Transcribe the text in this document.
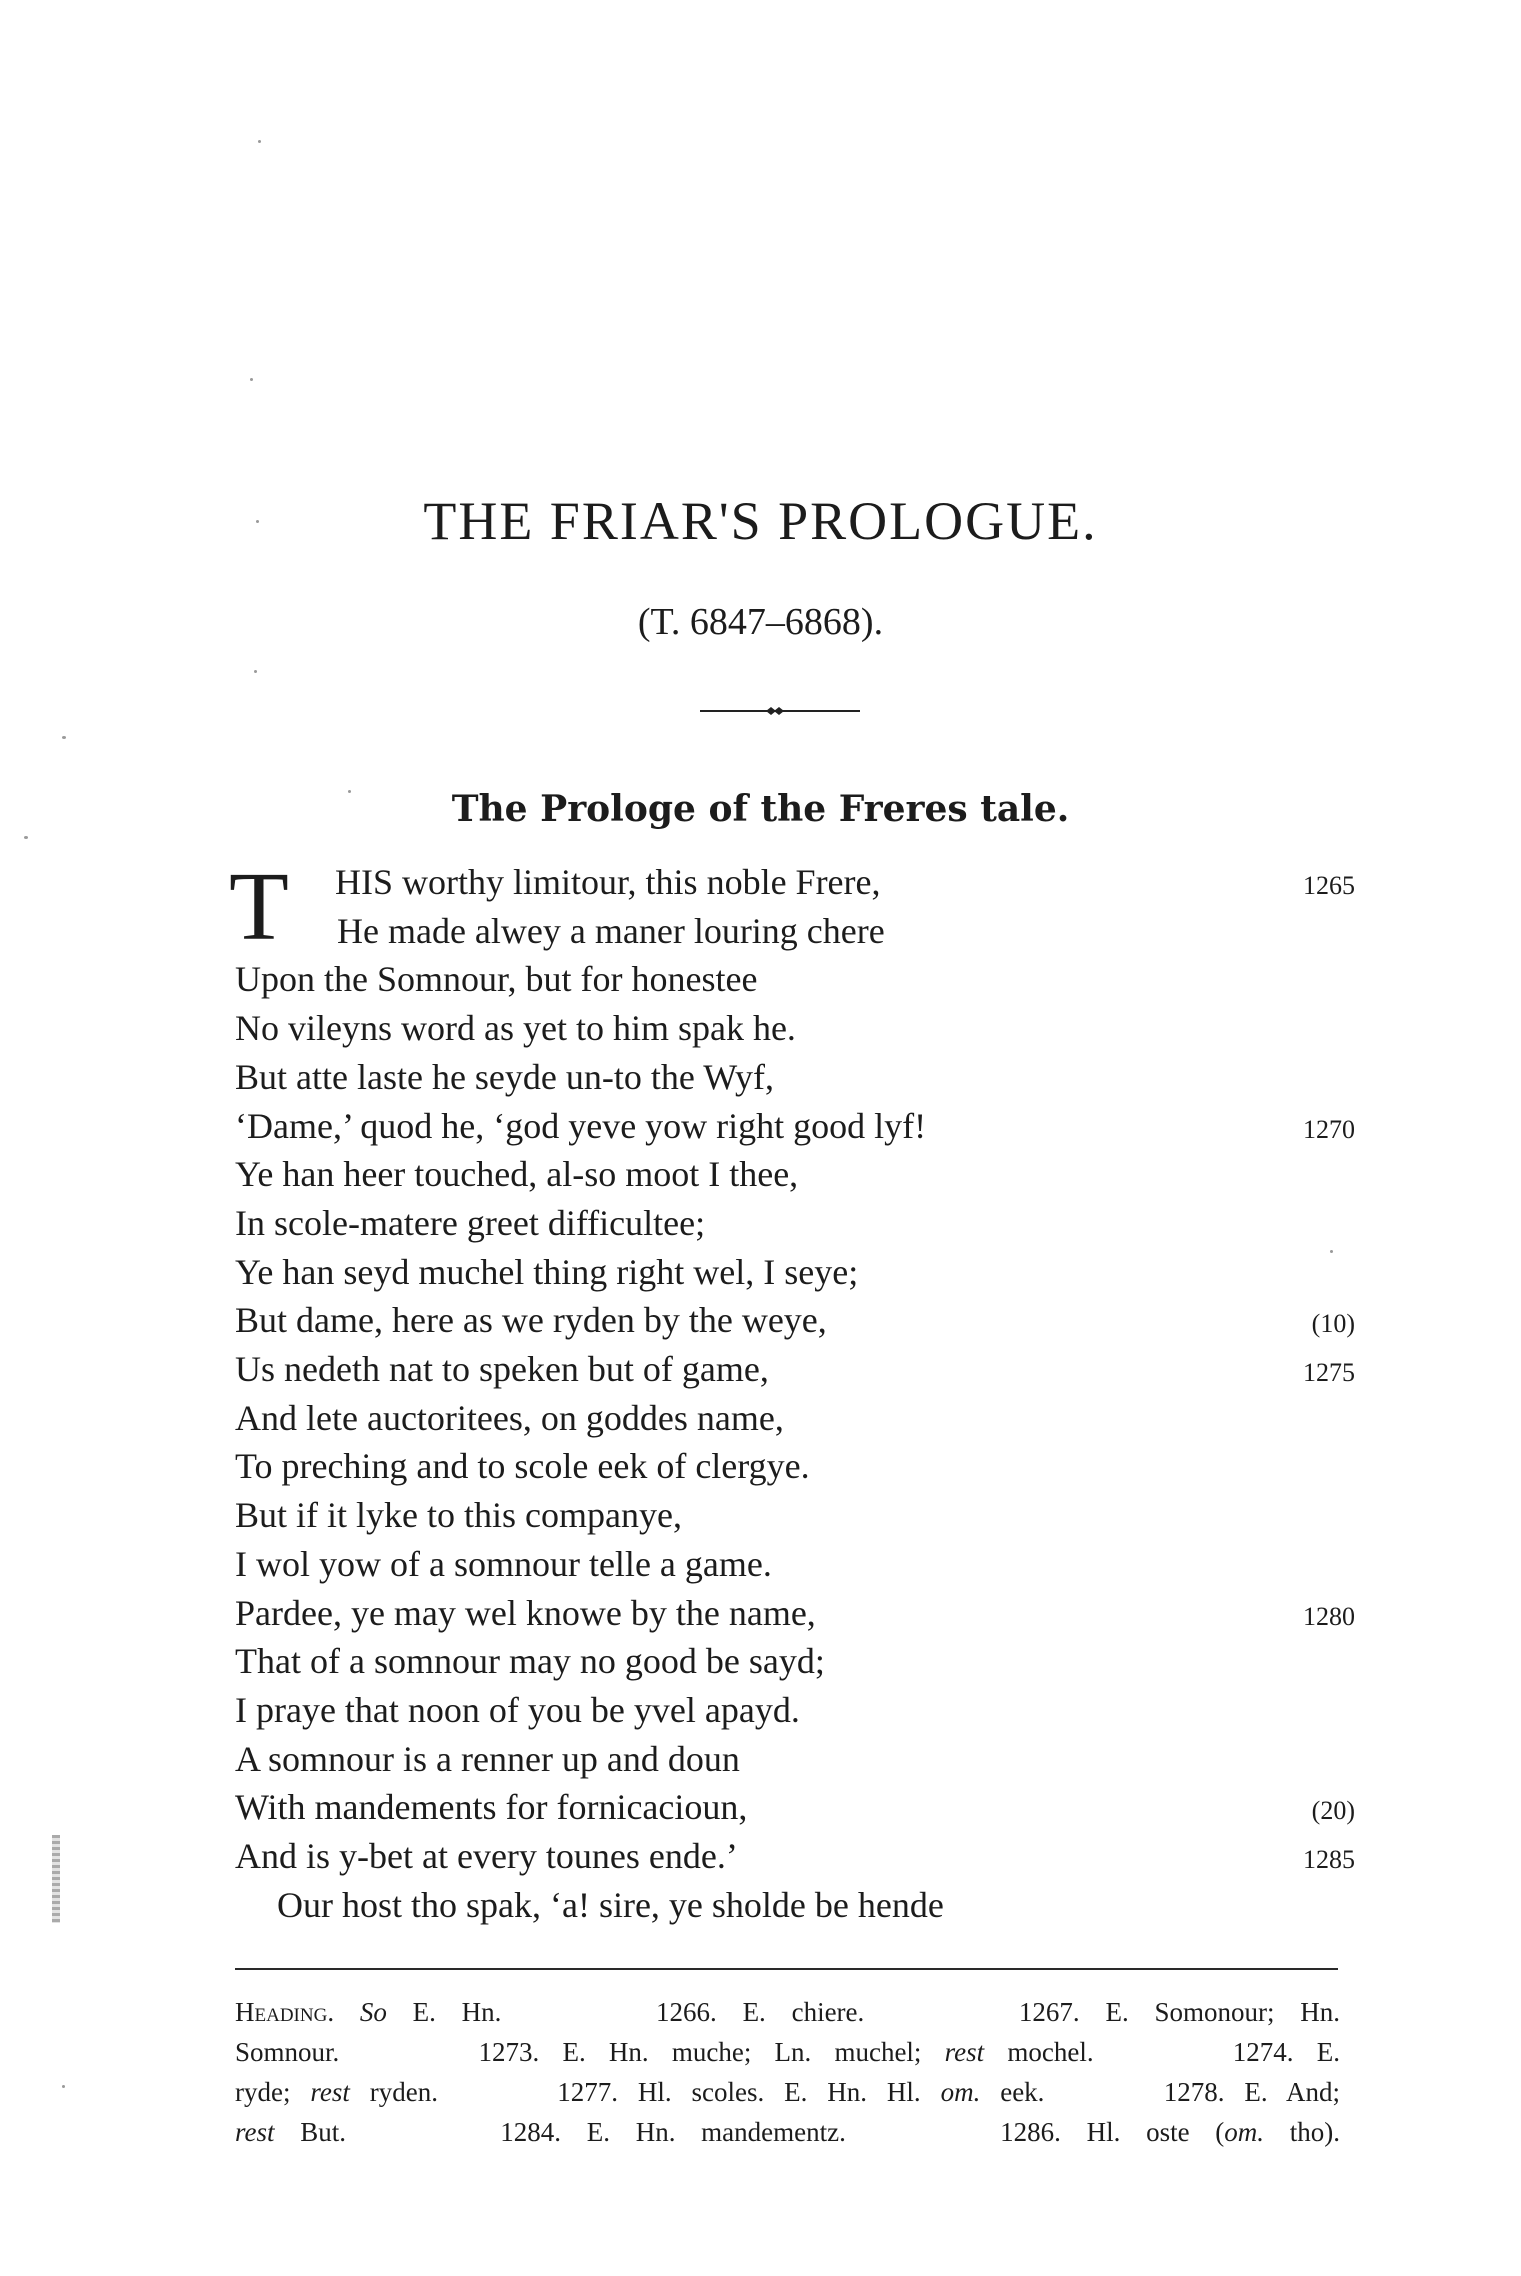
THE FRIAR'S PROLOGUE.
(T. 6847–6868).
The Prologe of the Freres tale.
HIS worthy limitour, this noble Frere,	1265
He made alwey a maner louring chere
Upon the Somnour, but for honestee
No vileyns word as yet to him spak he.
But atte laste he seyde un-to the Wyf,
‘Dame,’ quod he, ‘god yeve yow right good lyf!	1270
Ye han heer touched, al-so moot I thee,
In scole-matere greet difficultee;
Ye han seyd muchel thing right wel, I seye;
But dame, here as we ryden by the weye,	(10)
Us nedeth nat to speken but of game,	1275
And lete auctoritees, on goddes name,
To preching and to scole eek of clergye.
But if it lyke to this companye,
I wol yow of a somnour telle a game.
Pardee, ye may wel knowe by the name,	1280
That of a somnour may no good be sayd;
I praye that noon of you be yvel apayd.
A somnour is a renner up and doun
With mandements for fornicacioun,	(20)
And is y-bet at every tounes ende.’	1285
Our host tho spak, ‘a! sire, ye sholde be hende
T
Heading. So E. Hn.      1266. E. chiere.      1267. E. Somonour; Hn.
Somnour.      1273. E. Hn. muche; Ln. muchel; rest mochel.      1274. E.
ryde; rest ryden.      1277. Hl. scoles. E. Hn. Hl. om. eek.      1278. E. And;
rest But.      1284. E. Hn. mandementz.      1286. Hl. oste (om. tho).
